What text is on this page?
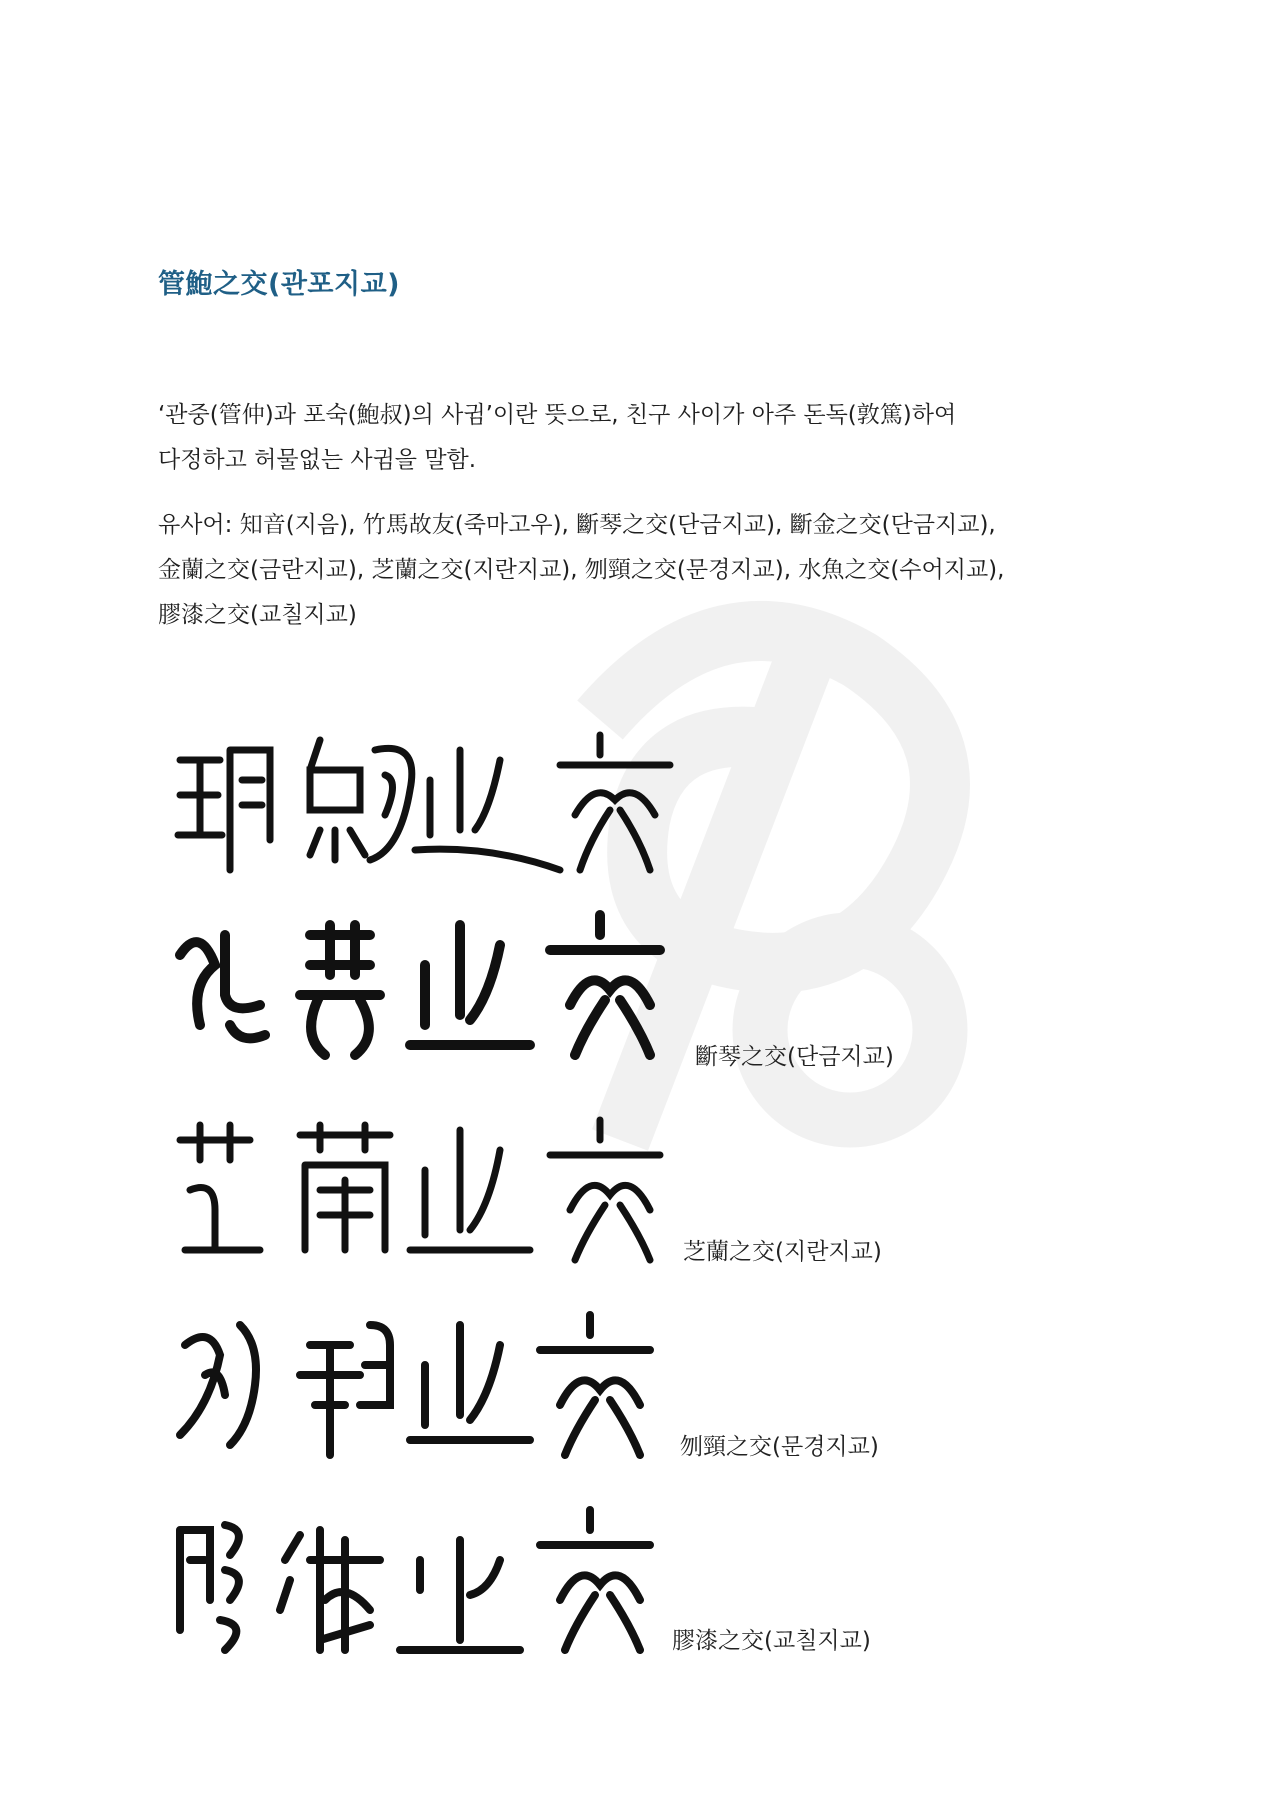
管鮑之交(관포지교)
‘관중(管仲)과 포숙(鮑叔)의 사귐’이란 뜻으로, 친구 사이가 아주 돈독(敦篤)하여
다정하고 허물없는 사귐을 말함.
유사어: 知音(지음), 竹馬故友(죽마고우), 斷琴之交(단금지교), 斷金之交(단금지교),
金蘭之交(금란지교), 芝蘭之交(지란지교), 刎頸之交(문경지교), 水魚之交(수어지교),
膠漆之交(교칠지교)
斷琴之交(단금지교)
芝蘭之交(지란지교)
刎頸之交(문경지교)
膠漆之交(교칠지교)
